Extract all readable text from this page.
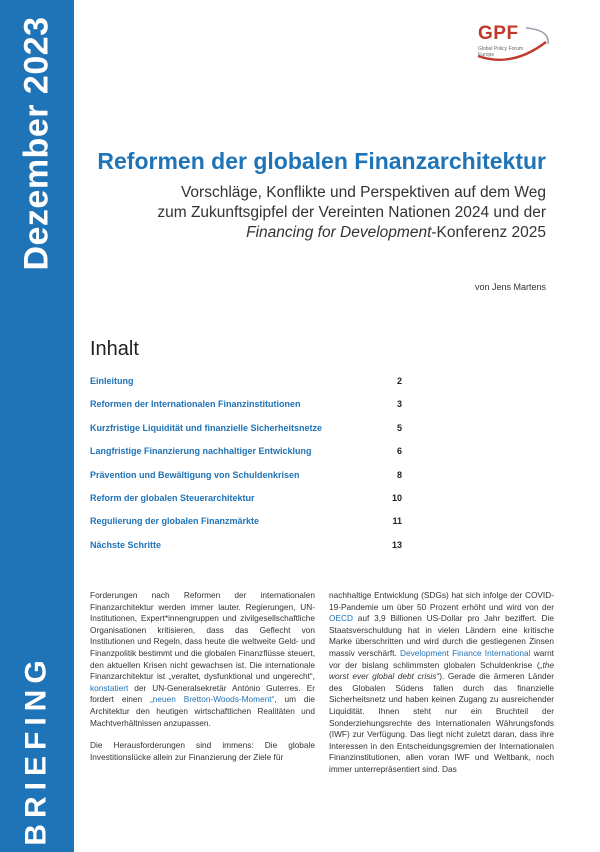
Dezember 2023
BRIEFING
GPF
Global Policy Forum Europe
Reformen der globalen Finanzarchitektur
Vorschläge, Konflikte und Perspektiven auf dem Weg
zum Zukunftsgipfel der Vereinten Nationen 2024 und der
Financing for Development-Konferenz 2025
von Jens Martens
Inhalt
Einleitung	2
Reformen der Internationalen Finanzinstitutionen	3
Kurzfristige Liquidität und finanzielle Sicherheitsnetze	5
Langfristige Finanzierung nachhaltiger Entwicklung	6
Prävention und Bewältigung von Schuldenkrisen	8
Reform der globalen Steuerarchitektur	10
Regulierung der globalen Finanzmärkte	11
Nächste Schritte	13

Forderungen nach Reformen der internationalen Finanzarchitektur werden immer lauter. Regierungen, UN-Institutionen, Expert*innengruppen und zivilgesellschaftliche Organisationen kritisieren, dass das Geflecht von Institutionen und Regeln, dass heute die weltweite Geld- und Finanzpolitik bestimmt und die globalen Finanzflüsse steuert, den aktuellen Krisen nicht gewachsen ist. Die internationale Finanzarchitektur ist „veraltet, dysfunktional und ungerecht“, konstatiert der UN-Generalsekretär António Guterres. Er fordert einen „neuen Bretton-Woods-Moment“, um die Architektur den heutigen wirtschaftlichen Realitäten und Machtverhältnissen anzupassen.

Die Herausforderungen sind immens: Die globale Investitionslücke allein zur Finanzierung der Ziele für

nachhaltige Entwicklung (SDGs) hat sich infolge der COVID-19-Pandemie um über 50 Prozent erhöht und wird von der OECD auf 3,9 Billionen US-Dollar pro Jahr beziffert. Die Staatsverschuldung hat in vielen Ländern eine kritische Marke überschritten und wird durch die gestiegenen Zinsen massiv verschärft. Development Finance International warnt vor der bislang schlimmsten globalen Schuldenkrise („the worst ever global debt crisis“). Gerade die ärmeren Länder des Globalen Südens fallen durch das finanzielle Sicherheitsnetz und haben keinen Zugang zu ausreichender Liquidität. Ihnen steht nur ein Bruchteil der Sonderziehungsrechte des Internationalen Währungsfonds (IWF) zur Verfügung. Das liegt nicht zuletzt daran, dass ihre Interessen in den Entscheidungsgremien der Internationalen Finanzinstitutionen, allen voran IWF und Weltbank, noch immer unterrepräsentiert sind. Das
